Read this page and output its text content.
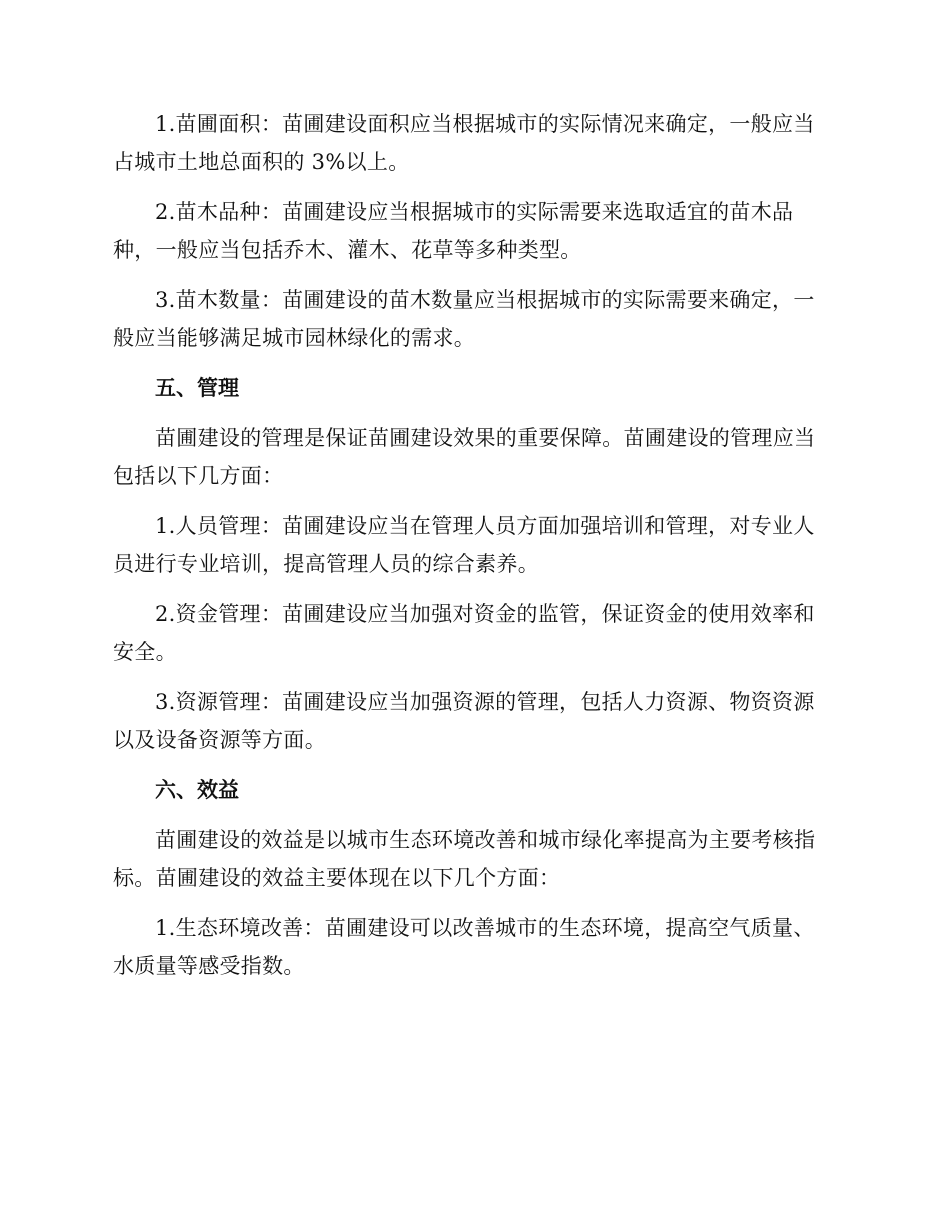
1.苗圃面积：苗圃建设面积应当根据城市的实际情况来确定，一般应当占城市土地总面积的 3%以上。

2.苗木品种：苗圃建设应当根据城市的实际需要来选取适宜的苗木品种，一般应当包括乔木、灌木、花草等多种类型。

3.苗木数量：苗圃建设的苗木数量应当根据城市的实际需要来确定，一般应当能够满足城市园林绿化的需求。

五、管理

苗圃建设的管理是保证苗圃建设效果的重要保障。苗圃建设的管理应当包括以下几方面：

1.人员管理：苗圃建设应当在管理人员方面加强培训和管理，对专业人员进行专业培训，提高管理人员的综合素养。

2.资金管理：苗圃建设应当加强对资金的监管，保证资金的使用效率和安全。

3.资源管理：苗圃建设应当加强资源的管理，包括人力资源、物资资源以及设备资源等方面。

六、效益

苗圃建设的效益是以城市生态环境改善和城市绿化率提高为主要考核指标。苗圃建设的效益主要体现在以下几个方面：

1.生态环境改善：苗圃建设可以改善城市的生态环境，提高空气质量、水质量等感受指数。
